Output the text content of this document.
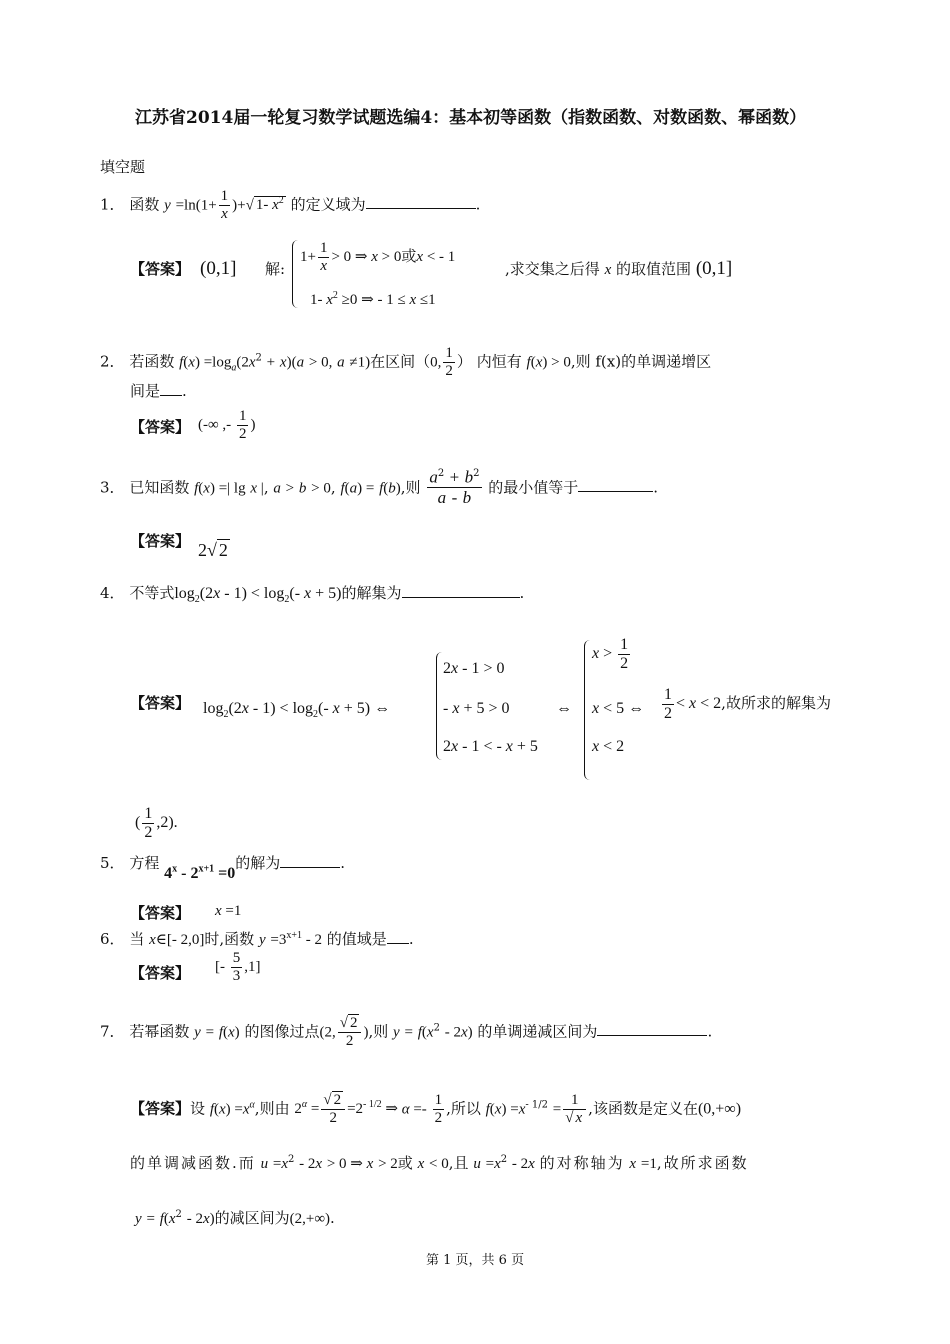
江苏省2014届一轮复习数学试题选编4：基本初等函数（指数函数、对数函数、幂函数）
填空题
1． 函数 $y =\ln(1+ \frac{1}{x}$ )+√ 1- $x^2$ 的定义域为	.
【答案】 (0,1] 解:
$1+ \frac{1}{x} > 0$ ⇒ x > 0或x < - 1
1- $x^2 \ge 0$ ⇒ - 1 ≤ x ≤1
,求交集之后得 x 的取值范围 (0,1]
2． 若函数 $f(x) =\log_a(2x^2 + x)(a > 0$, a ≠1)在区间（0, $\frac{1}{2}$ ） 内恒有 f(x) > 0,则 f(x)的单调递增区
间是 .
【答案】 (-∞ ,- $\frac{1}{2}$ )
3． 已知函数 f(x) =| lg x |, a > b > 0, f(a) = f(b),则 $\frac{a^2 + b^2}{a - b}$ 的最小值等于	.
【答案】 2√ 2
4． 不等式$\log_2(2x - 1) < \log_2(-$ x + 5)的解集为	.
【答案】 $\log_2(2x - 1) < \log_2(-$ x + 5) ⇔
2x - 1 > 0
- x + 5 > 0
2x - 1 < - x + 5
⇔
$x > \frac{1}{2}$
x < 5 ⇔
x < 2
$\frac{1}{2} < x < 2$,故所求的解集为
( $\frac{1}{2} ,2$).
5． 方程 $4^x - 2^{x+1} =0$的解为	.
【答案】 x =1
6． 当 x∈[- 2,0]时,函数 $y =3^{x+1} - 2$ 的值域是 .
【答案】 [- $\frac{5}{3} ,1$]
7． 若幂函数 y = f(x) 的图像过点(2, $\frac{√ 2}{2}$ ),则 $y = f(x^2 - 2x)$ 的单调递减区间为	.
【答案】设 $f(x) =x^\alpha$,则由 $2^\alpha = \frac{√ 2}{2} =2^{- 1/2}$ ⇒ $\alpha =- \frac{1}{2}$ ,所以 $f(x) =x^{- 1/2} = \frac{1}{√ x}$ ,该函数是定义在(0,+∞)
的单调减函数.而 $u =x^2 - 2x > 0$ ⇒ x > 2或 x < 0,且 $u =x^2 - 2x$ 的对称轴为 x =1,故所求函数
$y = f(x^2 - 2x)$的减区间为(2,+∞).
第 1 页，共 6 页
